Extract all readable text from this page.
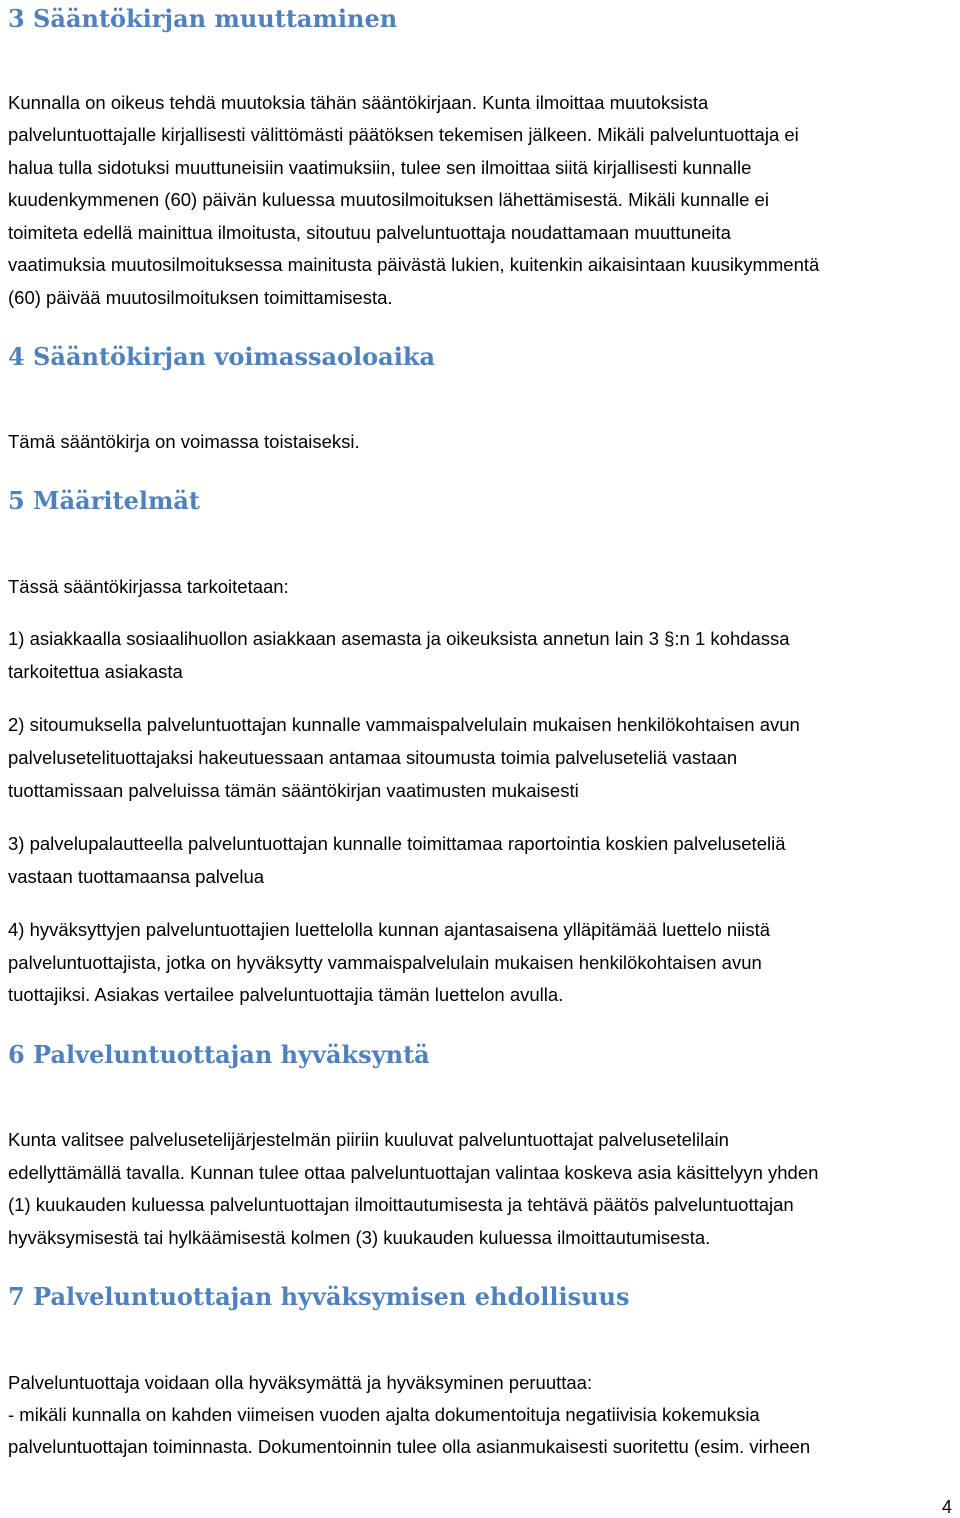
3 Sääntökirjan muuttaminen

Kunnalla on oikeus tehdä muutoksia tähän sääntökirjaan. Kunta ilmoittaa muutoksista

palveluntuottajalle kirjallisesti välittömästi päätöksen tekemisen jälkeen. Mikäli palveluntuottaja ei

halua tulla sidotuksi muuttuneisiin vaatimuksiin, tulee sen ilmoittaa siitä kirjallisesti kunnalle

kuudenkymmenen (60) päivän kuluessa muutosilmoituksen lähettämisestä. Mikäli kunnalle ei

toimiteta edellä mainittua ilmoitusta, sitoutuu palveluntuottaja noudattamaan muuttuneita

vaatimuksia muutosilmoituksessa mainitusta päivästä lukien, kuitenkin aikaisintaan kuusikymmentä

(60) päivää muutosilmoituksen toimittamisesta.

4 Sääntökirjan voimassaoloaika

Tämä sääntökirja on voimassa toistaiseksi.

5 Määritelmät

Tässä sääntökirjassa tarkoitetaan:

1) asiakkaalla sosiaalihuollon asiakkaan asemasta ja oikeuksista annetun lain 3 §:n 1 kohdassa

tarkoitettua asiakasta

2) sitoumuksella palveluntuottajan kunnalle vammaispalvelulain mukaisen henkilökohtaisen avun

palvelusetelituottajaksi hakeutuessaan antamaa sitoumusta toimia palveluseteliä vastaan

tuottamissaan palveluissa tämän sääntökirjan vaatimusten mukaisesti

3) palvelupalautteella palveluntuottajan kunnalle toimittamaa raportointia koskien palveluseteliä

vastaan tuottamaansa palvelua

4) hyväksyttyjen palveluntuottajien luettelolla kunnan ajantasaisena ylläpitämää luettelo niistä

palveluntuottajista, jotka on hyväksytty vammaispalvelulain mukaisen henkilökohtaisen avun

tuottajiksi. Asiakas vertailee palveluntuottajia tämän luettelon avulla.

6 Palveluntuottajan hyväksyntä

Kunta valitsee palvelusetelijärjestelmän piiriin kuuluvat palveluntuottajat palvelusetelilain

edellyttämällä tavalla. Kunnan tulee ottaa palveluntuottajan valintaa koskeva asia käsittelyyn yhden

(1) kuukauden kuluessa palveluntuottajan ilmoittautumisesta ja tehtävä päätös palveluntuottajan

hyväksymisestä tai hylkäämisestä kolmen (3) kuukauden kuluessa ilmoittautumisesta.

7 Palveluntuottajan hyväksymisen ehdollisuus

Palveluntuottaja voidaan olla hyväksymättä ja hyväksyminen peruuttaa:

- mikäli kunnalla on kahden viimeisen vuoden ajalta dokumentoituja negatiivisia kokemuksia

palveluntuottajan toiminnasta. Dokumentoinnin tulee olla asianmukaisesti suoritettu (esim. virheen

4
